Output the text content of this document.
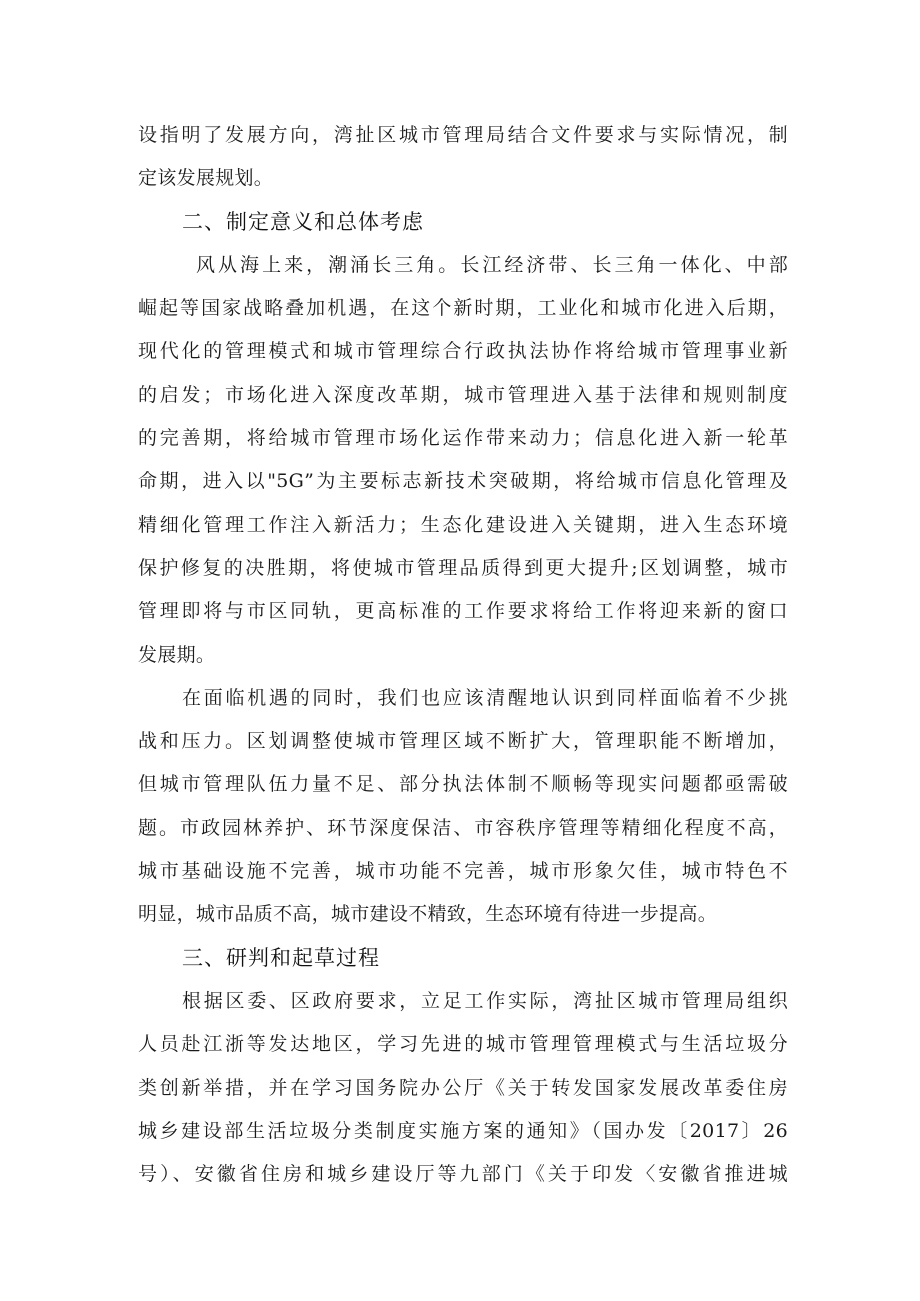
设指明了发展方向，湾扯区城市管理局结合文件要求与实际情况，制
定该发展规划。
二、制定意义和总体考虑
风从海上来，潮涌长三角。长江经济带、长三角一体化、中部
崛起等国家战略叠加机遇，在这个新时期，工业化和城市化进入后期，
现代化的管理模式和城市管理综合行政执法协作将给城市管理事业新
的启发；市场化进入深度改革期，城市管理进入基于法律和规则制度
的完善期，将给城市管理市场化运作带来动力；信息化进入新一轮革
命期，进入以"5G”为主要标志新技术突破期，将给城市信息化管理及
精细化管理工作注入新活力；生态化建设进入关键期，进入生态环境
保护修复的决胜期，将使城市管理品质得到更大提升;区划调整，城市
管理即将与市区同轨，更高标准的工作要求将给工作将迎来新的窗口
发展期。
在面临机遇的同时，我们也应该清醒地认识到同样面临着不少挑
战和压力。区划调整使城市管理区域不断扩大，管理职能不断增加，
但城市管理队伍力量不足、部分执法体制不顺畅等现实问题都亟需破
题。市政园林养护、环节深度保洁、市容秩序管理等精细化程度不高，
城市基础设施不完善，城市功能不完善，城市形象欠佳，城市特色不
明显，城市品质不高，城市建设不精致，生态环境有待进一步提高。
三、研判和起草过程
根据区委、区政府要求，立足工作实际，湾扯区城市管理局组织
人员赴江浙等发达地区，学习先进的城市管理管理模式与生活垃圾分
类创新举措，并在学习国务院办公厅《关于转发国家发展改革委住房
城乡建设部生活垃圾分类制度实施方案的通知》（国办发〔2017〕26
号）、安徽省住房和城乡建设厅等九部门《关于印发〈安徽省推进城
